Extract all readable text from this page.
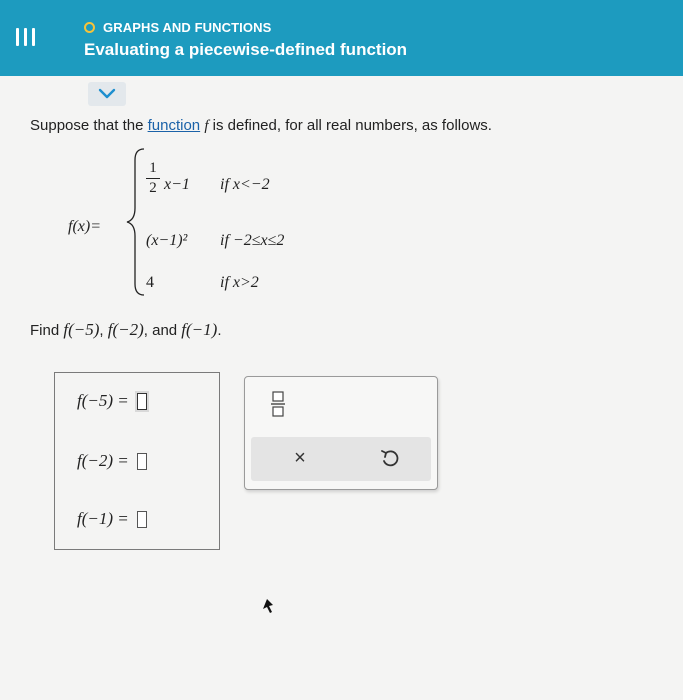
GRAPHS AND FUNCTIONS
Evaluating a piecewise-defined function
Suppose that the function f is defined, for all real numbers, as follows.
f(x)=
1
2 x−1 if x<−2
(x−1)² if −2≤x≤2
4	if x>2
Find f(−5), f(−2), and f(−1).
f(−5) =
f(−2) =
f(−1) =
×
